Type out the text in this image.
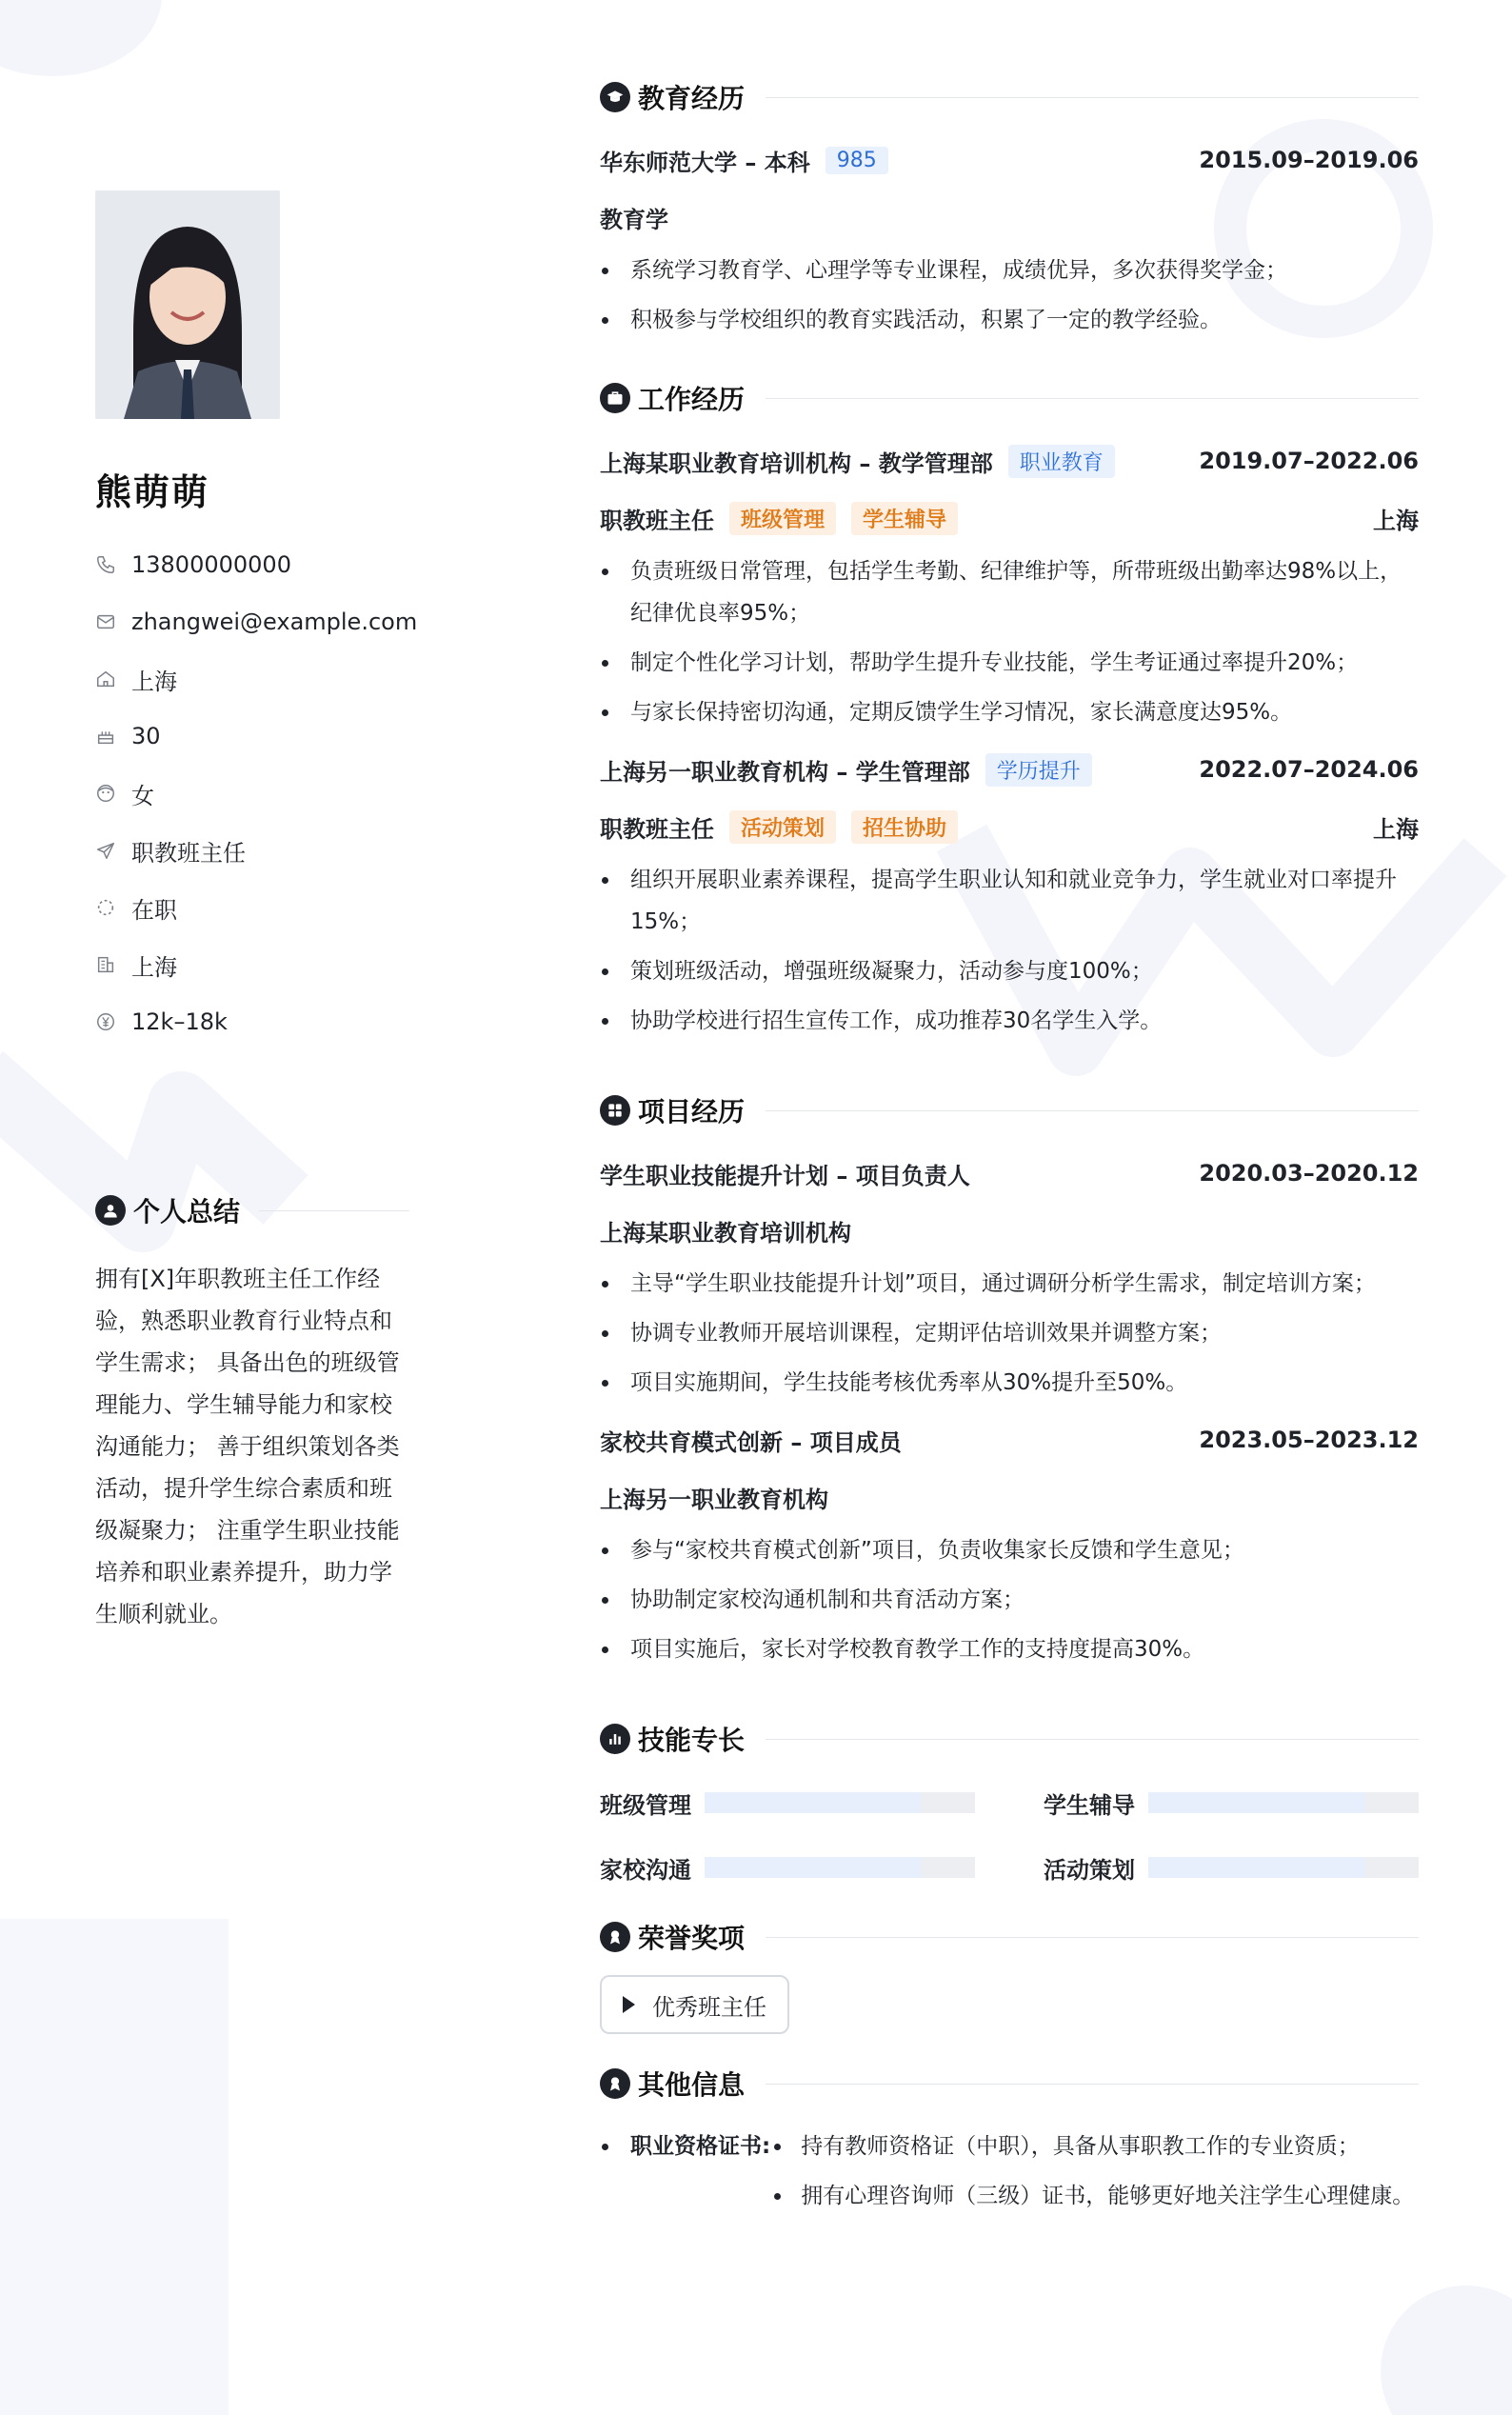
熊萌萌
13800000000
zhangwei@example.com
上海
30
女
职教班主任
在职
上海
12k–18k
个人总结

拥有[X]年职教班主任工作经验，熟悉职业教育行业特点和学生需求； 具备出色的班级管理能力、学生辅导能力和家校沟通能力； 善于组织策划各类活动，提升学生综合素质和班级凝聚力； 注重学生职业技能培养和职业素养提升，助力学生顺利就业。

教育经历
华东师范大学 – 本科	985	2015.09–2019.06
教育学
系统学习教育学、心理学等专业课程，成绩优异，多次获得奖学金；
积极参与学校组织的教育实践活动，积累了一定的教学经验。
工作经历
上海某职业教育培训机构 – 教学管理部	职业教育	2019.07–2022.06
职教班主任	班级管理	学生辅导	上海
负责班级日常管理，包括学生考勤、纪律维护等，所带班级出勤率达98%以上，纪律优良率95%；
制定个性化学习计划，帮助学生提升专业技能，学生考证通过率提升20%；
与家长保持密切沟通，定期反馈学生学习情况，家长满意度达95%。
上海另一职业教育机构 – 学生管理部	学历提升	2022.07–2024.06
职教班主任	活动策划	招生协助	上海
组织开展职业素养课程，提高学生职业认知和就业竞争力，学生就业对口率提升15%；
策划班级活动，增强班级凝聚力，活动参与度100%；
协助学校进行招生宣传工作，成功推荐30名学生入学。
项目经历
学生职业技能提升计划 – 项目负责人	2020.03–2020.12
上海某职业教育培训机构
主导“学生职业技能提升计划”项目，通过调研分析学生需求，制定培训方案；
协调专业教师开展培训课程，定期评估培训效果并调整方案；
项目实施期间，学生技能考核优秀率从30%提升至50%。
家校共育模式创新 – 项目成员	2023.05–2023.12
上海另一职业教育机构
参与“家校共育模式创新”项目，负责收集家长反馈和学生意见；
协助制定家校沟通机制和共育活动方案；
项目实施后，家长对学校教育教学工作的支持度提高30%。
技能专长
班级管理	学生辅导
家校沟通	活动策划
荣誉奖项
优秀班主任
其他信息
职业资格证书:	持有教师资格证（中职），具备从事职教工作的专业资质；
拥有心理咨询师（三级）证书，能够更好地关注学生心理健康。
